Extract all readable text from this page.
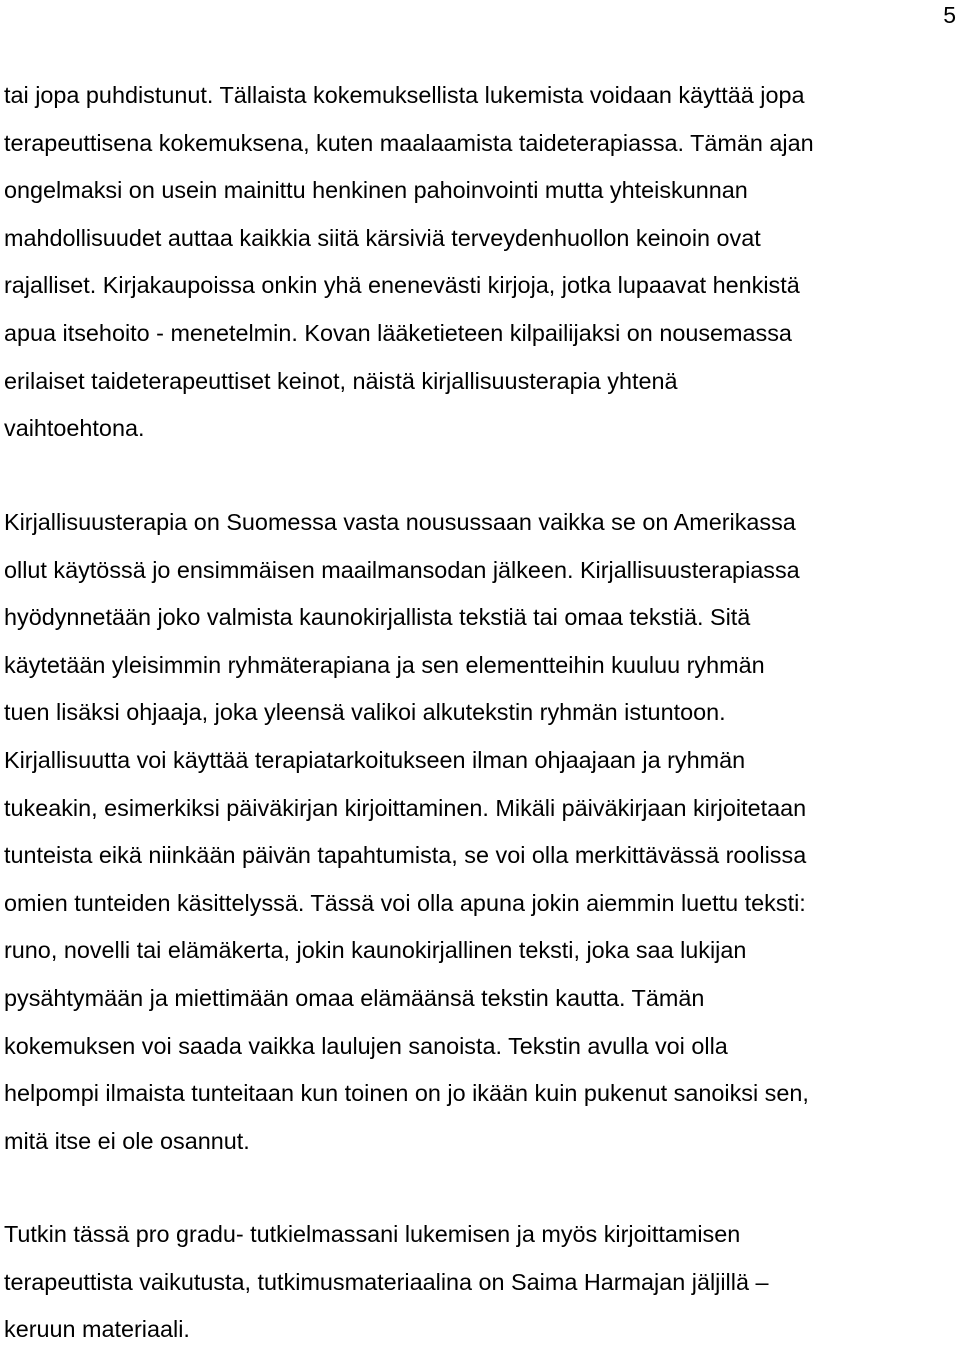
5
tai jopa puhdistunut. Tällaista kokemuksellista lukemista voidaan käyttää jopa
terapeuttisena kokemuksena, kuten maalaamista taideterapiassa. Tämän ajan
ongelmaksi on usein mainittu henkinen pahoinvointi mutta yhteiskunnan
mahdollisuudet auttaa kaikkia siitä kärsiviä terveydenhuollon keinoin ovat
rajalliset. Kirjakaupoissa onkin yhä enenevästi kirjoja, jotka lupaavat henkistä
apua itsehoito - menetelmin. Kovan lääketieteen kilpailijaksi on nousemassa
erilaiset taideterapeuttiset keinot, näistä kirjallisuusterapia yhtenä
vaihtoehtona.
Kirjallisuusterapia on Suomessa vasta nousussaan vaikka se on Amerikassa
ollut käytössä jo ensimmäisen maailmansodan jälkeen. Kirjallisuusterapiassa
hyödynnetään joko valmista kaunokirjallista tekstiä tai omaa tekstiä. Sitä
käytetään yleisimmin ryhmäterapiana ja sen elementteihin kuuluu ryhmän
tuen lisäksi ohjaaja, joka yleensä valikoi alkutekstin ryhmän istuntoon.
Kirjallisuutta voi käyttää terapiatarkoitukseen ilman ohjaajaan ja ryhmän
tukeakin, esimerkiksi päiväkirjan kirjoittaminen. Mikäli päiväkirjaan kirjoitetaan
tunteista eikä niinkään päivän tapahtumista, se voi olla merkittävässä roolissa
omien tunteiden käsittelyssä. Tässä voi olla apuna jokin aiemmin luettu teksti:
runo, novelli tai elämäkerta, jokin kaunokirjallinen teksti, joka saa lukijan
pysähtymään ja miettimään omaa elämäänsä tekstin kautta. Tämän
kokemuksen voi saada vaikka laulujen sanoista. Tekstin avulla voi olla
helpompi ilmaista tunteitaan kun toinen on jo ikään kuin pukenut sanoiksi sen,
mitä itse ei ole osannut.
Tutkin tässä pro gradu- tutkielmassani lukemisen ja myös kirjoittamisen
terapeuttista vaikutusta, tutkimusmateriaalina on Saima Harmajan jäljillä –
keruun materiaali.
